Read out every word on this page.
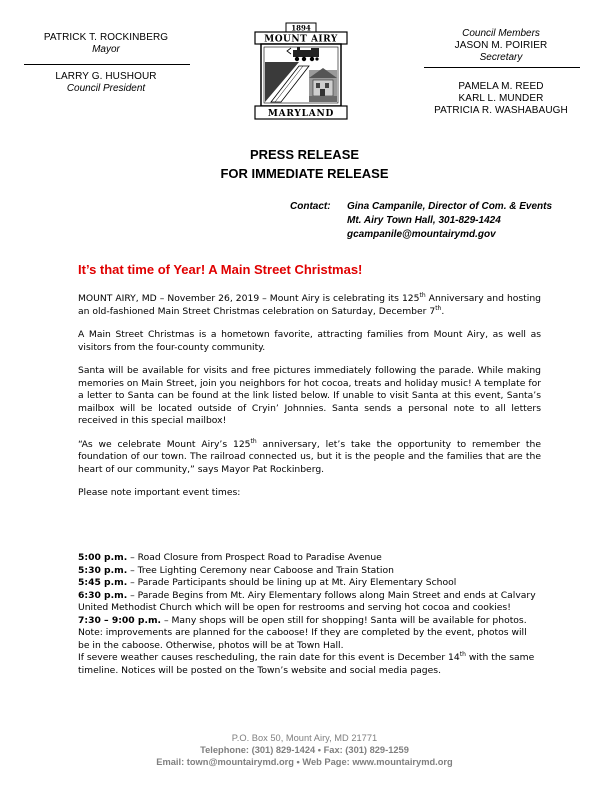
PATRICK T. ROCKINBERG
Mayor
LARRY G. HUSHOUR
Council President
1894
MOUNT AIRY
MARYLAND
Council Members
JASON M. POIRIER
Secretary
PAMELA M. REED
KARL L. MUNDER
PATRICIA R. WASHABAUGH
PRESS RELEASE
FOR IMMEDIATE RELEASE
Contact: Gina Campanile, Director of Com. & Events
Mt. Airy Town Hall, 301-829-1424
gcampanile@mountairymd.gov
It’s that time of Year! A Main Street Christmas!

MOUNT AIRY, MD – November 26, 2019 – Mount Airy is celebrating its 125th Anniversary and hosting an old-fashioned Main Street Christmas celebration on Saturday, December 7th.

A Main Street Christmas is a hometown favorite, attracting families from Mount Airy, as well as visitors from the four-county community.

Santa will be available for visits and free pictures immediately following the parade. While making memories on Main Street, join you neighbors for hot cocoa, treats and holiday music! A template for a letter to Santa can be found at the link listed below. If unable to visit Santa at this event, Santa’s mailbox will be located outside of Cryin’ Johnnies. Santa sends a personal note to all letters received in this special mailbox!

“As we celebrate Mount Airy’s 125th anniversary, let’s take the opportunity to remember the foundation of our town. The railroad connected us, but it is the people and the families that are the heart of our community,” says Mayor Pat Rockinberg.

Please note important event times:

5:00 p.m. – Road Closure from Prospect Road to Paradise Avenue

5:30 p.m. – Tree Lighting Ceremony near Caboose and Train Station

5:45 p.m. – Parade Participants should be lining up at Mt. Airy Elementary School

6:30 p.m. – Parade Begins from Mt. Airy Elementary follows along Main Street and ends at Calvary United Methodist Church which will be open for restrooms and serving hot cocoa and cookies!

7:30 – 9:00 p.m. – Many shops will be open still for shopping! Santa will be available for photos. Note: improvements are planned for the caboose! If they are completed by the event, photos will be in the caboose. Otherwise, photos will be at Town Hall.

If severe weather causes rescheduling, the rain date for this event is December 14th with the same timeline. Notices will be posted on the Town’s website and social media pages.

P.O. Box 50, Mount Airy, MD 21771
Telephone: (301) 829-1424 • Fax: (301) 829-1259
Email: town@mountairymd.org • Web Page: www.mountairymd.org
